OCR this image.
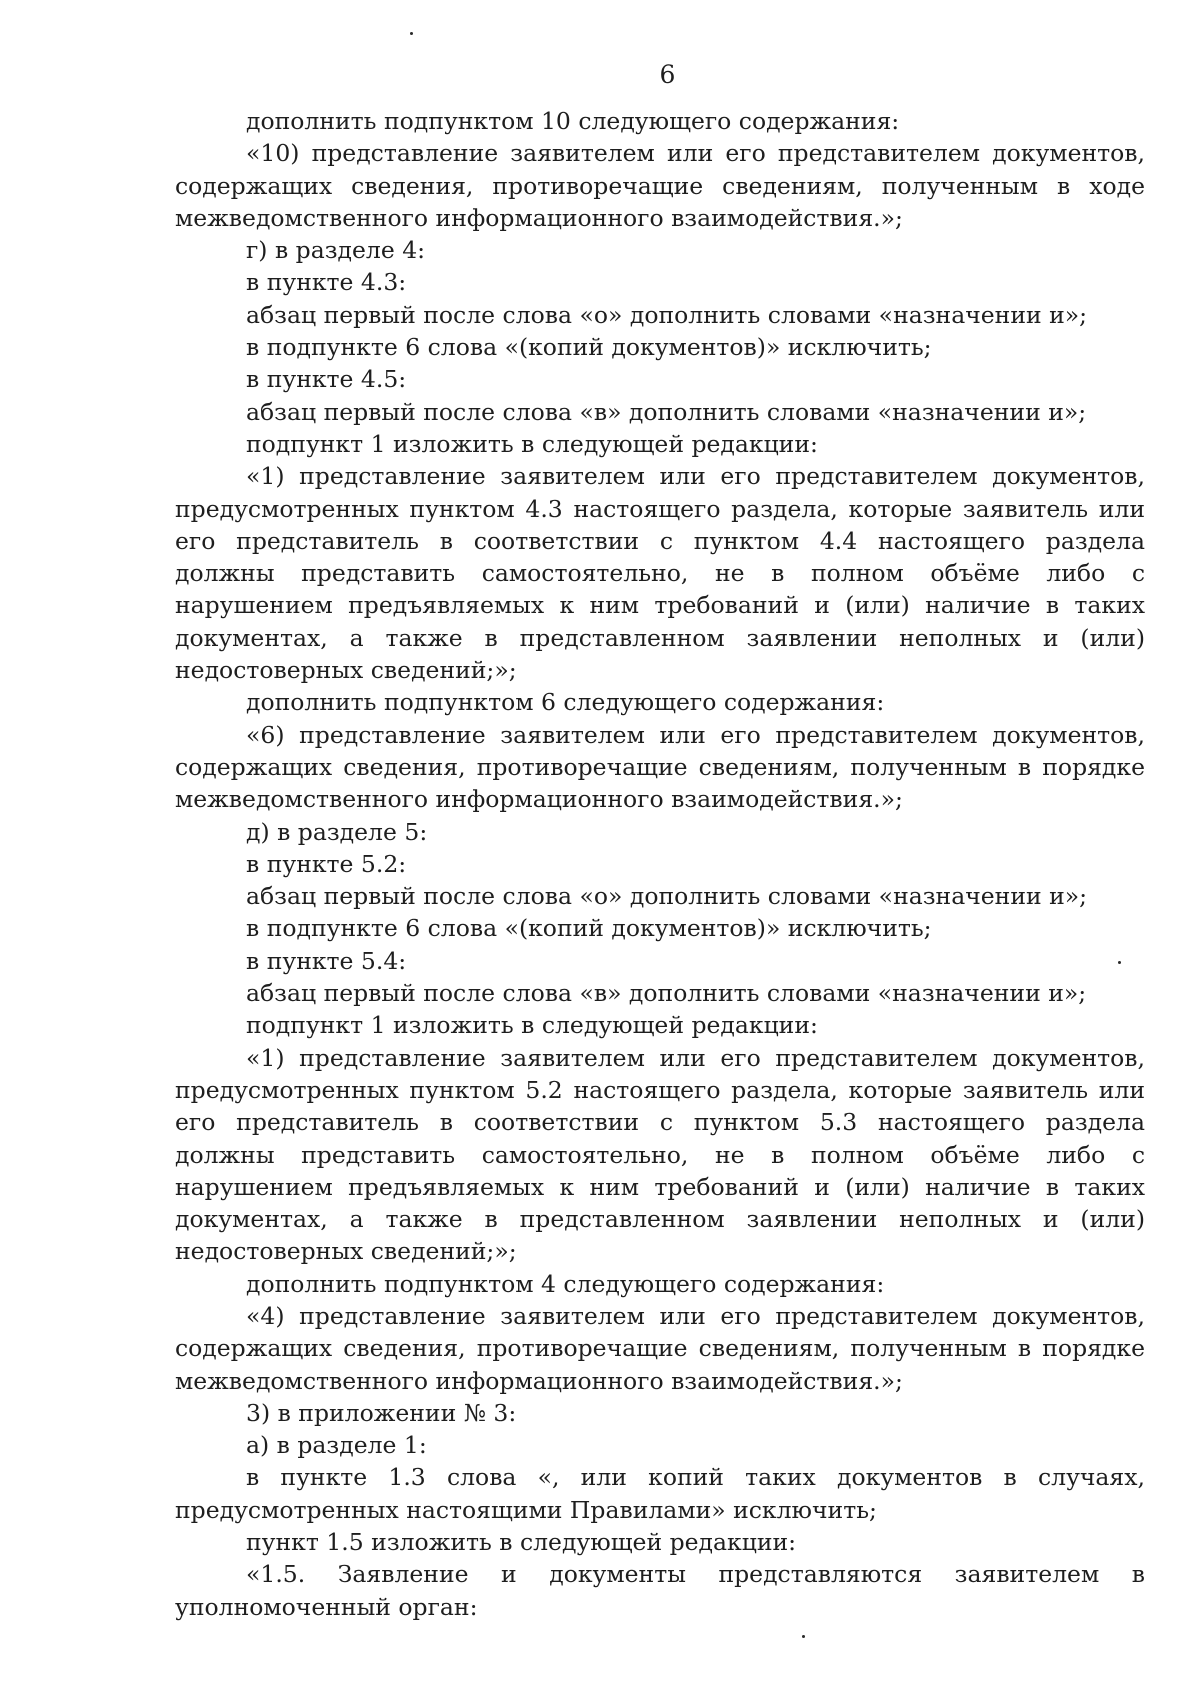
6

дополнить подпунктом 10 следующего содержания:

«10) представление заявителем или его представителем документов, содержащих сведения, противоречащие сведениям, полученным в ходе межведомственного информационного взаимодействия.»;

г) в разделе 4:

в пункте 4.3:

абзац первый после слова «о» дополнить словами «назначении и»;

в подпункте 6 слова «(копий документов)» исключить;

в пункте 4.5:

абзац первый после слова «в» дополнить словами «назначении и»;

подпункт 1 изложить в следующей редакции:

«1) представление заявителем или его представителем документов, предусмотренных пунктом 4.3 настоящего раздела, которые заявитель или его представитель в соответствии с пунктом 4.4 настоящего раздела должны представить самостоятельно, не в полном объёме либо с нарушением предъявляемых к ним требований и (или) наличие в таких документах, а также в представленном заявлении неполных и (или) недостоверных сведений;»;

дополнить подпунктом 6 следующего содержания:

«6) представление заявителем или его представителем документов, содержащих сведения, противоречащие сведениям, полученным в порядке межведомственного информационного взаимодействия.»;

д) в разделе 5:

в пункте 5.2:

абзац первый после слова «о» дополнить словами «назначении и»;

в подпункте 6 слова «(копий документов)» исключить;

в пункте 5.4:

абзац первый после слова «в» дополнить словами «назначении и»;

подпункт 1 изложить в следующей редакции:

«1) представление заявителем или его представителем документов, предусмотренных пунктом 5.2 настоящего раздела, которые заявитель или его представитель в соответствии с пунктом 5.3 настоящего раздела должны представить самостоятельно, не в полном объёме либо с нарушением предъявляемых к ним требований и (или) наличие в таких документах, а также в представленном заявлении неполных и (или) недостоверных сведений;»;

дополнить подпунктом 4 следующего содержания:

«4) представление заявителем или его представителем документов, содержащих сведения, противоречащие сведениям, полученным в порядке межведомственного информационного взаимодействия.»;

3) в приложении № 3:

а) в разделе 1:

в пункте 1.3 слова «, или копий таких документов в случаях, предусмотренных настоящими Правилами» исключить;

пункт 1.5 изложить в следующей редакции:

«1.5. Заявление и документы представляются заявителем в уполномоченный орган:
